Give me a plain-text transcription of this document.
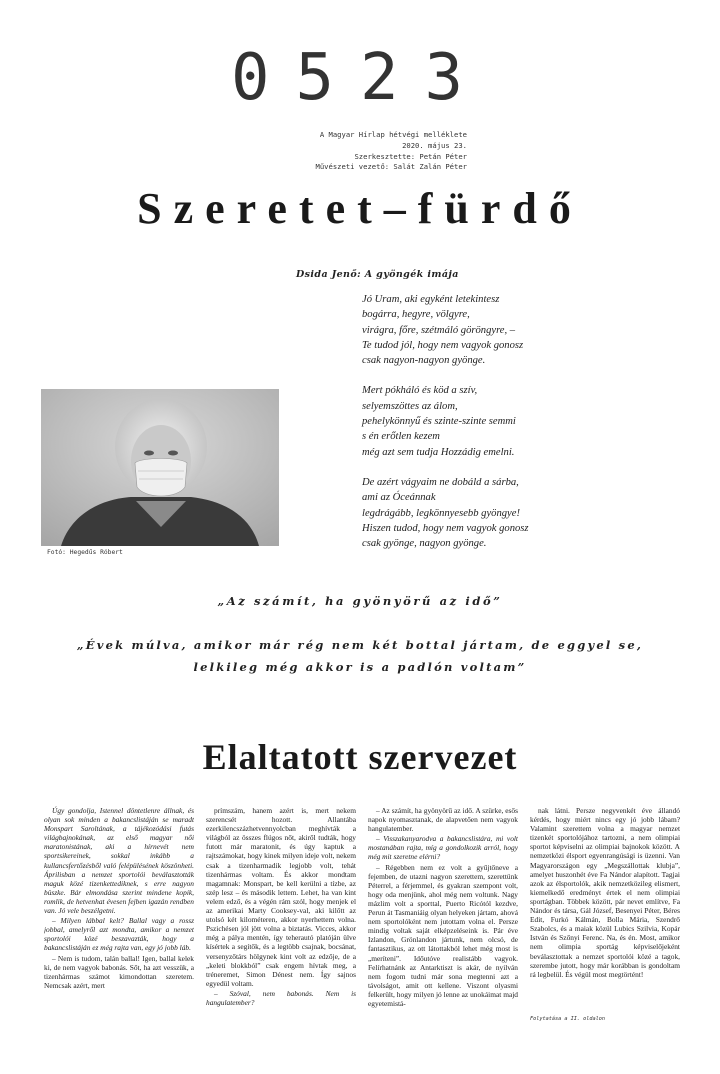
0523
A Magyar Hírlap hétvégi melléklete
2020. május 23.
Szerkesztette: Petán Péter
Művészeti vezető: Salát Zalán Péter
Szeretet–fürdő
Dsida Jenő: A gyöngék imája
Jó Uram, aki egyként letekintesz
bogárra, hegyre, völgyre,
virágra, főre, szétmáló göröngyre, –
Te tudod jól, hogy nem vagyok gonosz
csak nagyon-nagyon gyönge.
Mert pókháló és köd a szív,
selyemszöttes az álom,
pehelykönnyű és szinte-szinte semmi
s én erőtlen kezem
még azt sem tudja Hozzádig emelni.
De azért vágyaim ne dobáld a sárba,
ami az Óceánnak
legdrágább, legkönnyesebb gyöngye!
Hiszen tudod, hogy nem vagyok gonosz
csak gyönge, nagyon gyönge.
Fotó: Hegedűs Róbert
„Az számít, ha gyönyörű az idő”
„Évek múlva, amikor már rég nem két bottal jártam, de eggyel se, lelkileg még akkor is a padlón voltam”
Elaltatott szervezet

Úgy gondolja, Istennel döntetlenre állnak, és olyan sok minden a bakancslistáján se maradt Monspart Saroltának, a tájékozódási futás világbajnokának, az első magyar női maratonistának, aki a hírnevét nem sportsikereinek, sokkal inkább a kullancsfertőzésből való felépülésének köszönheti. Áprilisban a nemzet sportolói beválasztották maguk közé tizenkettediknek, s erre nagyon büszke. Bár elmondása szerint mindene kopik, romlik, de hetvenhat évesen fejben igazán rendben van. Jó vele beszélgetni.

– Milyen lábbal kelt? Ballal vagy a rossz jobbal, amelyről azt mondta, amikor a nemzet sportolói közé beszavazták, hogy a bakancslistáján ez még rajta van, egy jó jobb láb.

– Nem is tudom, talán ballal! Igen, ballal kelek ki, de nem vagyok babonás. Sőt, ha azt vesszük, a tizenhármas számot kimondottan szeretem. Nemcsak azért, mert

prímszám, hanem azért is, mert nekem szerencsét hozott. Allantába ezerkilencszázhetvennyolcban meghívták a világból az összes flúgos nőt, akiről tudták, hogy futott már maratonit, és úgy kaptuk a rajtszámokat, hogy kinek milyen ideje volt, nekem csak a tizenharmadik legjobb volt, tehát tizenhármas voltam. És akkor mondtam magamnak: Monspart, be kell kerülni a tízbe, az szép lesz – és második lettem. Lehet, ha van kint velem edző, és a végén rám szól, hogy menjek el az amerikai Marty Cooksey-val, aki kilőtt az utolsó két kilométeren, akkor nyerhettem volna. Pszichésen jól jött volna a biztatás. Vicces, akkor még a pálya mentén, így teherautó platóján ülve kísértek a segítők, és a legtöbb csajnak, bocsánat, versenyzőtárs hölgynek kint volt az edzője, de a „keleti blokkból” csak engem hívtak meg, a tréneremet, Simon Dénest nem. Így sajnos egyedül voltam.

– Szóval, nem babonás. Nem is hangulatember?

– Az számít, ha gyönyörű az idő. A szürke, esős napok nyomasztanak, de alapvetően nem vagyok hangulatember.

– Visszakanyarodva a bakancslistára, mi volt mostanában rajta, míg a gondolkozik arról, hogy még mit szeretne elérni?

– Régebben nem ez volt a gyűjtőneve a fejemben, de utazni nagyon szerettem, szerettünk Péterrel, a férjemmel, és gyakran szempont volt, hogy oda menjünk, ahol még nem voltunk. Nagy mázlim volt a sporttal, Puerto Ricótól kezdve, Perun át Tasmaniáig olyan helyeken jártam, ahová nem sportolóként nem jutottam volna el. Persze mindig voltak saját elképzeléseink is. Pár éve Izlandon, Grönlandon jártunk, nem olcsó, de fantasztikus, az ott látottakból lehet még most is „meríteni”. Időutóve realistább vagyok. Felírhatnánk az Antarktiszt is akár, de nyilván nem fogom tudni már sona megtenni azt a távolságot, amit ott kellene. Viszont olyasmi felkerült, hogy milyen jó lenne az unokáimat majd egyetemistá-

nak látni. Persze negyvenkét éve állandó kérdés, hogy miért nincs egy jó jobb lábam? Valamint szerettem volna a magyar nemzet tizenkét sportolójához tartozni, a nem olimpiai sportot képviselni az olimpiai bajnokok között. A nemzetközi élsport egyenrangúsági is üzenni. Van Magyarországon egy „Megszállottak klubja”, amelyet huszonhét éve Fa Nándor alapított. Tagjai azok az élsportolók, akik nemzetközileg elismert, kiemelkedő eredményt értek el nem olimpiai sportágban. Többek között, pár nevet említve, Fa Nándor és társa, Gál József, Besenyei Péter, Béres Edit, Furkó Kálmán, Bolla Mária, Szendrő Szabolcs, és a maiak közül Lubics Szilvia, Kopár István és Szőnyi Ferenc. Na, és én. Most, amikor nem olimpia sportág képviselőjeként beválasztottak a nemzet sportolói közé a tagok, szerembe jutott, hogy már korábban is gondoltam rá legbelül. És végül most megtörtént!

Folytatása a II. oldalon
